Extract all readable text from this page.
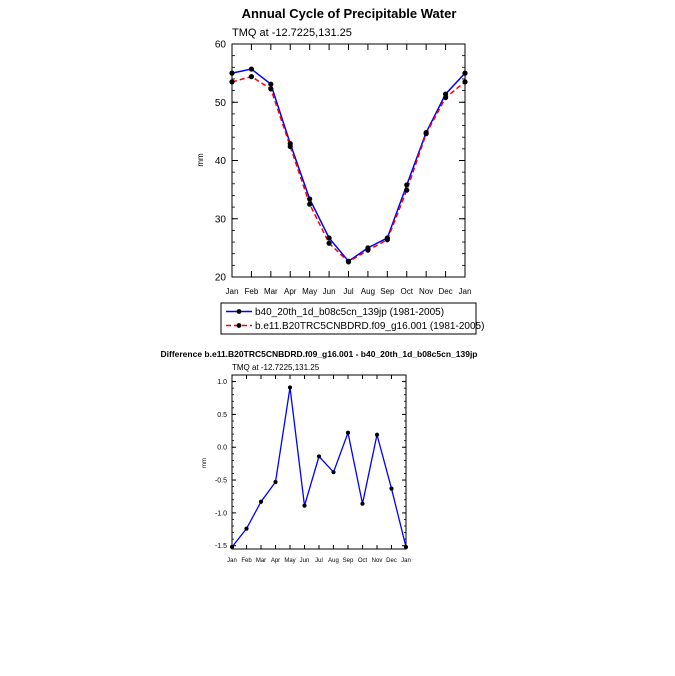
Annual Cycle of Precipitable Water
TMQ at -12.7225,131.25
mm
Jan Feb Mar Apr May Jun Jul Aug Sep Oct Nov Dec Jan
20
30
40
50
60
b40_20th_1d_b08c5cn_139jp (1981-2005)
b.e11.B20TRC5CNBDRD.f09_g16.001 (1981-2005)
Difference b.e11.B20TRC5CNBDRD.f09_g16.001 - b40_20th_1d_b08c5cn_139jp
TMQ at -12.7225,131.25
mm
Jan Feb Mar Apr May Jun Jul Aug Sep Oct Nov Dec Jan
-1.5
-1.0
-0.5
0.0
0.5
1.0
